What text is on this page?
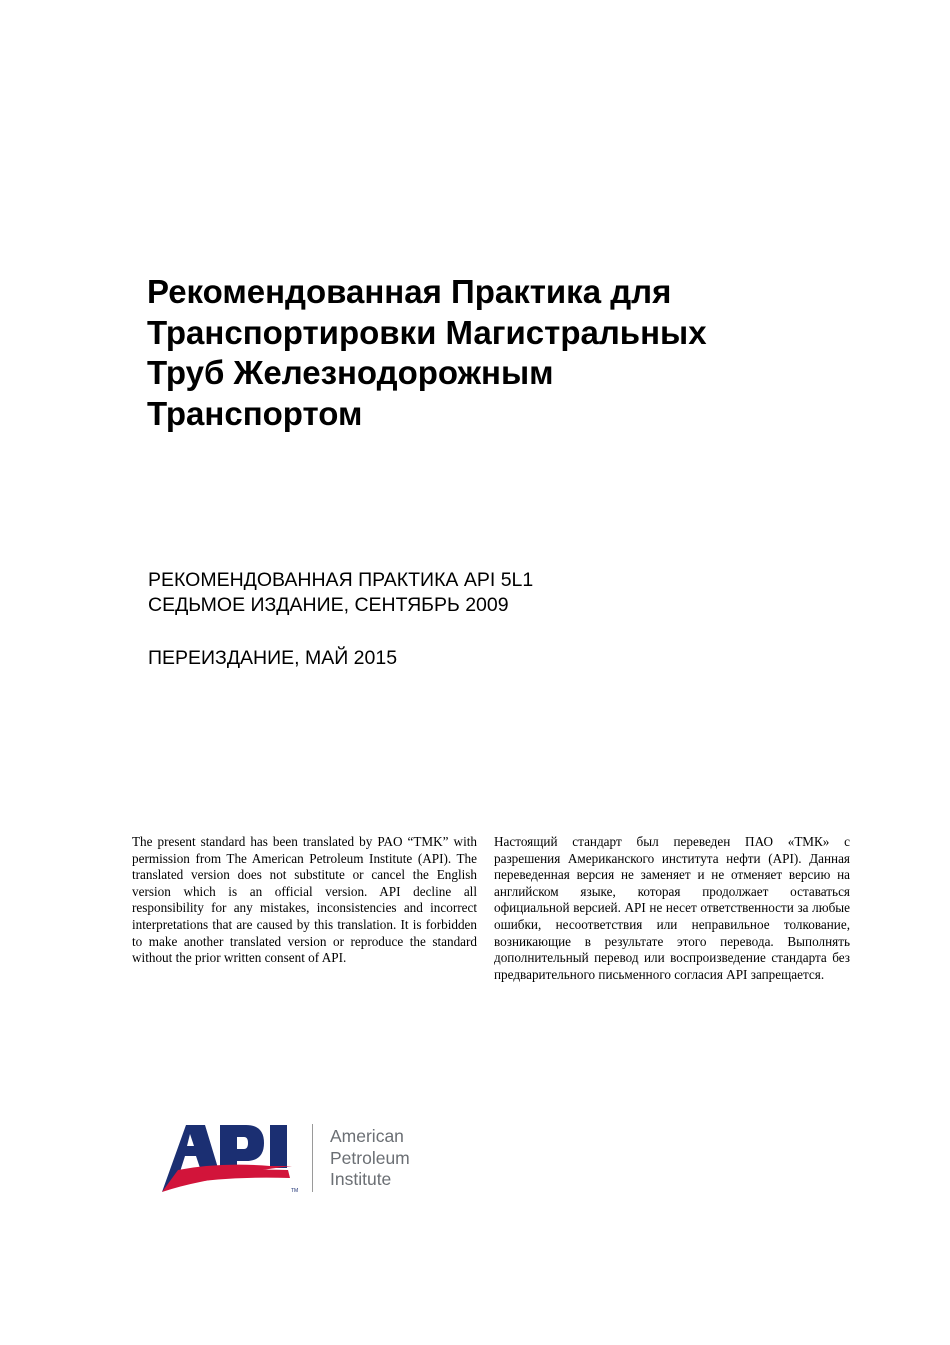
Рекомендованная Практика для
Транспортировки Магистральных
Труб Железнодорожным
Транспортом
РЕКОМЕНДОВАННАЯ ПРАКТИКА API 5L1
СЕДЬМОЕ ИЗДАНИЕ, СЕНТЯБРЬ 2009
ПЕРЕИЗДАНИЕ, МАЙ 2015
The present standard has been translated by PAO “TMK” with permission from The American Petroleum Institute (API). The translated version does not substitute or cancel the English version which is an official version. API decline all responsibility for any mistakes, inconsistencies and incorrect interpretations that are caused by this translation. It is forbidden to make another translated version or reproduce the standard without the prior written consent of API.
Настоящий стандарт был переведен ПАО «ТМК» с разрешения Американского института нефти (API). Данная переведенная версия не заменяет и не отменяет версию на английском языке, которая продолжает оставаться официальной версией. API не несет ответственности за любые ошибки, несоответствия или неправильное толкование, возникающие в результате этого перевода. Выполнять дополнительный перевод или воспроизведение стандарта без предварительного письменного согласия API запрещается.
TM
American
Petroleum
Institute
